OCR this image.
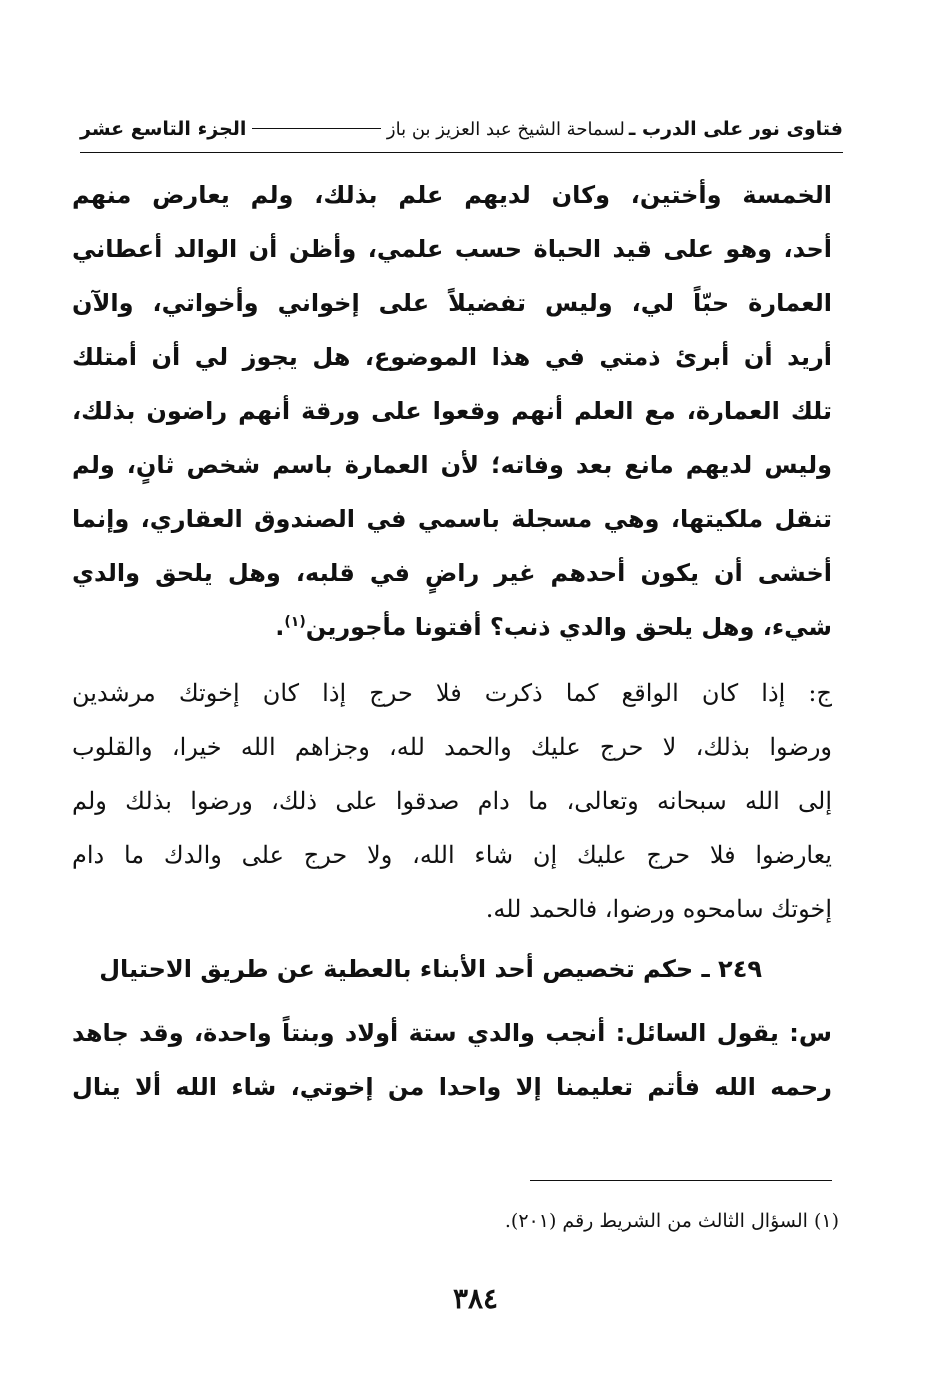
فتاوى نور على الدرب ـ
لسماحة الشيخ عبد العزيز بن باز
الجزء التاسع عشر
الخمسة وأختين، وكان لديهم علم بذلك، ولم يعارض منهم
أحد، وهو على قيد الحياة حسب علمي، وأظن أن الوالد أعطاني
العمارة حبّاً لي، وليس تفضيلاً على إخواني وأخواتي، والآن
أريد أن أبرئ ذمتي في هذا الموضوع، هل يجوز لي أن أمتلك
تلك العمارة، مع العلم أنهم وقعوا على ورقة أنهم راضون بذلك،
وليس لديهم مانع بعد وفاته؛ لأن العمارة باسم شخص ثانٍ، ولم
تنقل ملكيتها، وهي مسجلة باسمي في الصندوق العقاري، وإنما
أخشى أن يكون أحدهم غير راضٍ في قلبه، وهل يلحق والدي
شيء، وهل يلحق والدي ذنب؟ أفتونا مأجورين$^{(١)}$.
ج: إذا كان الواقع كما ذكرت فلا حرج إذا كان إخوتك مرشدين
ورضوا بذلك، لا حرج عليك والحمد لله، وجزاهم الله خيرا، والقلوب
إلى الله سبحانه وتعالى، ما دام صدقوا على ذلك، ورضوا بذلك ولم
يعارضوا فلا حرج عليك إن شاء الله، ولا حرج على والدك ما دام
إخوتك سامحوه ورضوا، فالحمد لله.
٢٤٩ ـ حكم تخصيص أحد الأبناء بالعطية عن طريق الاحتيال
س: يقول السائل: أنجب والدي ستة أولاد وبنتاً واحدة، وقد جاهد
رحمه الله فأتم تعليمنا إلا واحدا من إخوتي، شاء الله ألا ينال
(١) السؤال الثالث من الشريط رقم (٢٠١).
٣٨٤
